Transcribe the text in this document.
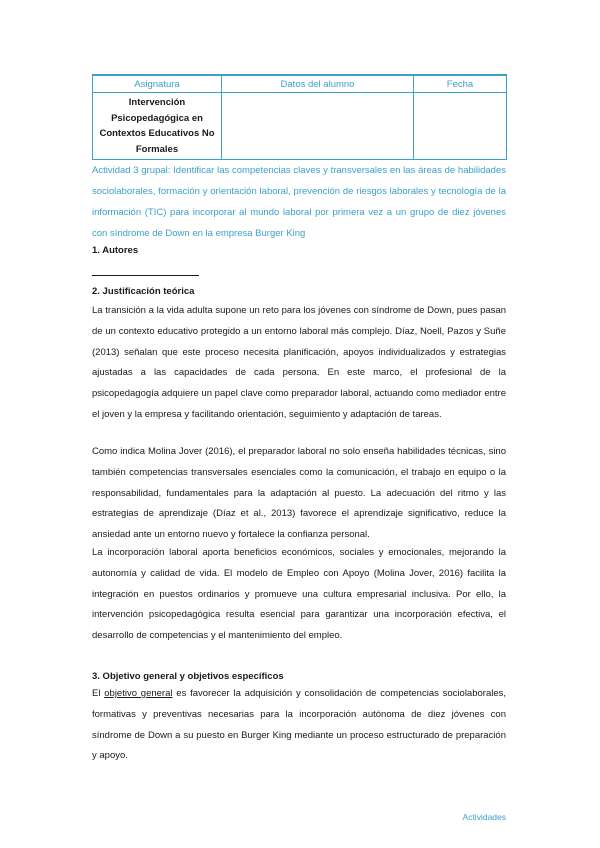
Asignatura	Datos del alumno	Fecha
Intervención Psicopedagógica en Contextos Educativos No Formales		
Actividad 3 grupal: Identificar las competencias claves y transversales en las áreas de habilidades sociolaborales, formación y orientación laboral, prevención de riesgos laborales y tecnología de la información (TIC) para incorporar al mundo laboral por primera vez a un grupo de diez jóvenes con síndrome de Down en la empresa Burger King
1. Autores
2. Justificación teórica
La transición a la vida adulta supone un reto para los jóvenes con síndrome de Down, pues pasan de un contexto educativo protegido a un entorno laboral más complejo. Díaz, Noell, Pazos y Suñe (2013) señalan que este proceso necesita planificación, apoyos individualizados y estrategias ajustadas a las capacidades de cada persona. En este marco, el profesional de la psicopedagogía adquiere un papel clave como preparador laboral, actuando como mediador entre el joven y la empresa y facilitando orientación, seguimiento y adaptación de tareas.
Como indica Molina Jover (2016), el preparador laboral no solo enseña habilidades técnicas, sino también competencias transversales esenciales como la comunicación, el trabajo en equipo o la responsabilidad, fundamentales para la adaptación al puesto. La adecuación del ritmo y las estrategias de aprendizaje (Díaz et al., 2013) favorece el aprendizaje significativo, reduce la ansiedad ante un entorno nuevo y fortalece la confianza personal.
La incorporación laboral aporta beneficios económicos, sociales y emocionales, mejorando la autonomía y calidad de vida. El modelo de Empleo con Apoyo (Molina Jover, 2016) facilita la integración en puestos ordinarios y promueve una cultura empresarial inclusiva. Por ello, la intervención psicopedagógica resulta esencial para garantizar una incorporación efectiva, el desarrollo de competencias y el mantenimiento del empleo.
3. Objetivo general y objetivos específicos
El objetivo general es favorecer la adquisición y consolidación de competencias sociolaborales, formativas y preventivas necesarias para la incorporación autónoma de diez jóvenes con síndrome de Down a su puesto en Burger King mediante un proceso estructurado de preparación y apoyo.
Actividades
